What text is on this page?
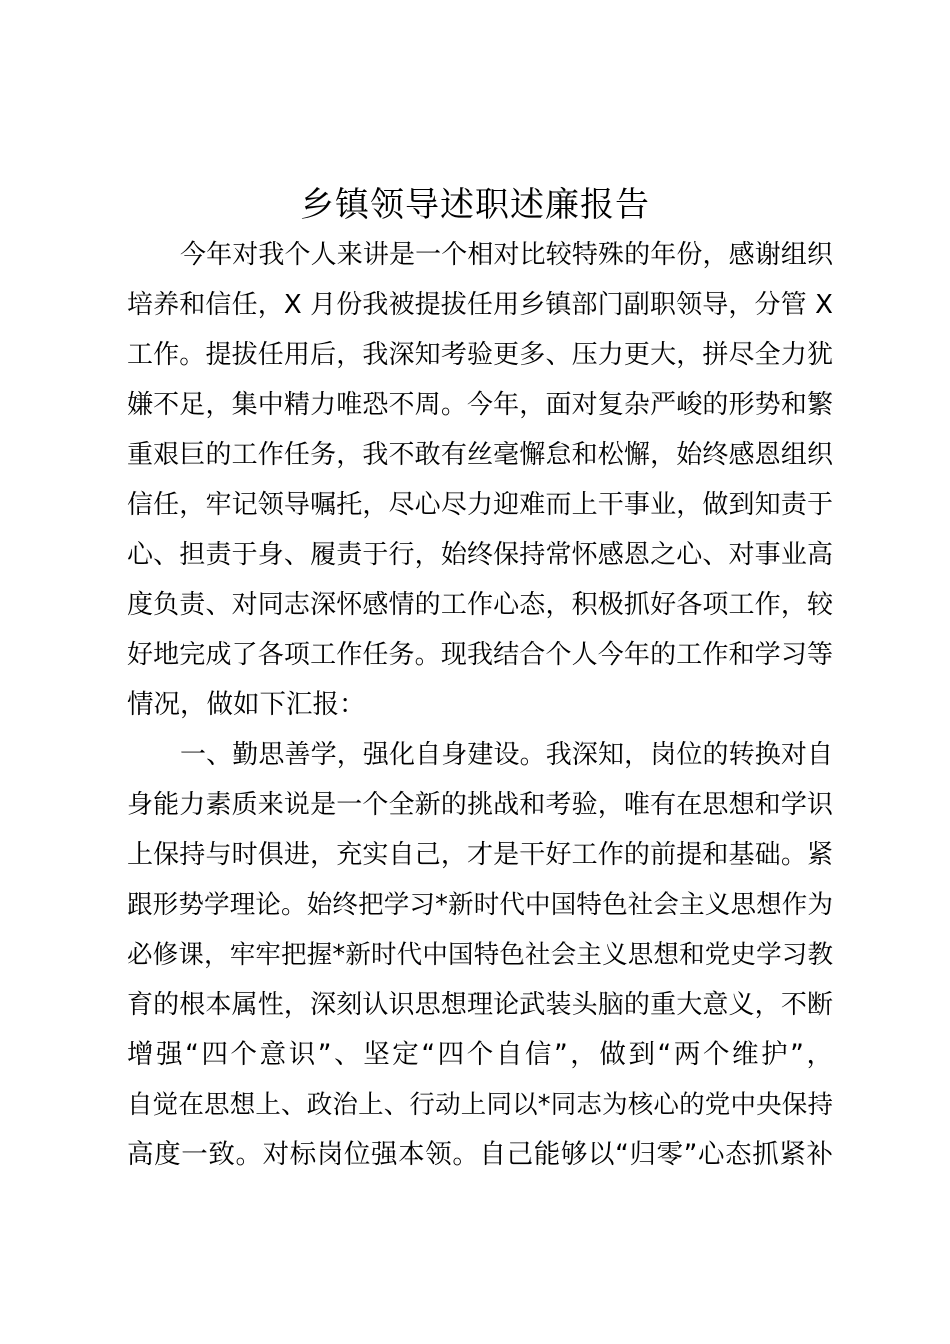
乡镇领导述职述廉报告
今年对我个人来讲是一个相对比较特殊的年份，感谢组织
培养和信任，X 月份我被提拔任用乡镇部门副职领导，分管 X
工作。提拔任用后，我深知考验更多、压力更大，拼尽全力犹
嫌不足，集中精力唯恐不周。今年，面对复杂严峻的形势和繁
重艰巨的工作任务，我不敢有丝毫懈怠和松懈，始终感恩组织
信任，牢记领导嘱托，尽心尽力迎难而上干事业，做到知责于
心、担责于身、履责于行，始终保持常怀感恩之心、对事业高
度负责、对同志深怀感情的工作心态，积极抓好各项工作，较
好地完成了各项工作任务。现我结合个人今年的工作和学习等
情况，做如下汇报：
一、勤思善学，强化自身建设。我深知，岗位的转换对自
身能力素质来说是一个全新的挑战和考验，唯有在思想和学识
上保持与时俱进，充实自己，才是干好工作的前提和基础。紧
跟形势学理论。始终把学习*新时代中国特色社会主义思想作为
必修课，牢牢把握*新时代中国特色社会主义思想和党史学习教
育的根本属性，深刻认识思想理论武装头脑的重大意义，不断
增强“四个意识”、坚定“四个自信”，做到“两个维护”，
自觉在思想上、政治上、行动上同以*同志为核心的党中央保持
高度一致。对标岗位强本领。自己能够以“归零”心态抓紧补
